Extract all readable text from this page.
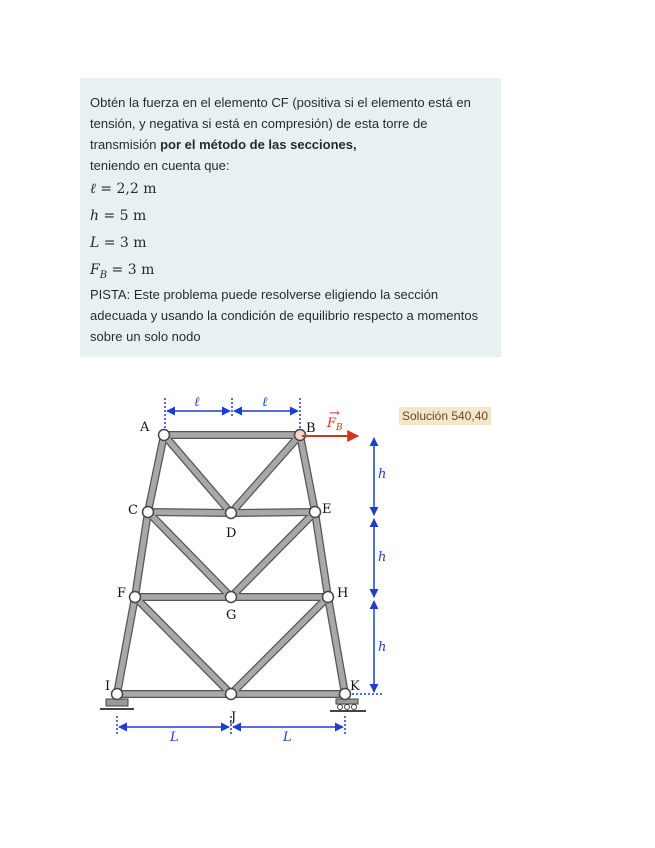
Obtén la fuerza en el elemento CF (positiva si el elemento está en tensión, y negativa si está en compresión) de esta torre de transmisión por el método de las secciones,
teniendo en cuenta que:

ℓ = 2,2 m
h = 5 m
L = 3 m
$F_B = 3$ m

PISTA: Este problema puede resolverse eligiendo la sección adecuada y usando la condición de equilibrio respecto a momentos sobre un solo nodo

Solución 540,40
$F_B$
→
ℓ	ℓ
h
h
h
L	L
A	B
C
D
E
F
G
H
I
J
K
